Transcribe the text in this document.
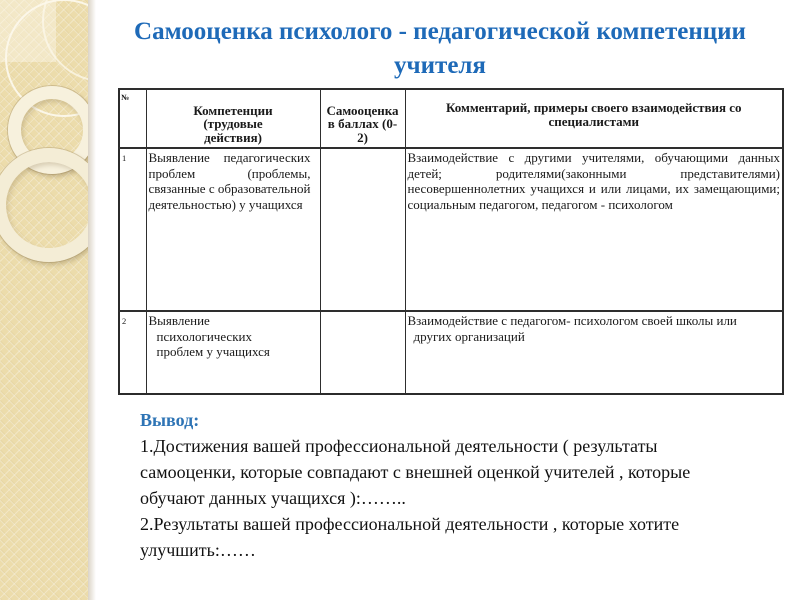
Самооценка психолого - педагогической компетенции
учителя
№	Компетенции (трудовые действия)	Самооценка в баллах (0-2)	Комментарий, примеры своего взаимодействия со специалистами
1	Выявление педагогических проблем (проблемы, связанные с образовательной деятельностью) у учащихся		Взаимодействие с другими учителями, обучающими данных детей; родителями(законными представителями) несовершеннолетних учащихся и или лицами, их замещающими; социальным педагогом, педагогом - психологом
2	Выявление психологических проблем у учащихся		Взаимодействие с педагогом- психологом своей школы или других организаций
Вывод:

1.Достижения вашей профессиональной деятельности ( результаты самооценки, которые совпадают с внешней оценкой учителей , которые обучают данных учащихся ):……..

2.Результаты вашей профессиональной деятельности , которые хотите улучшить:……
